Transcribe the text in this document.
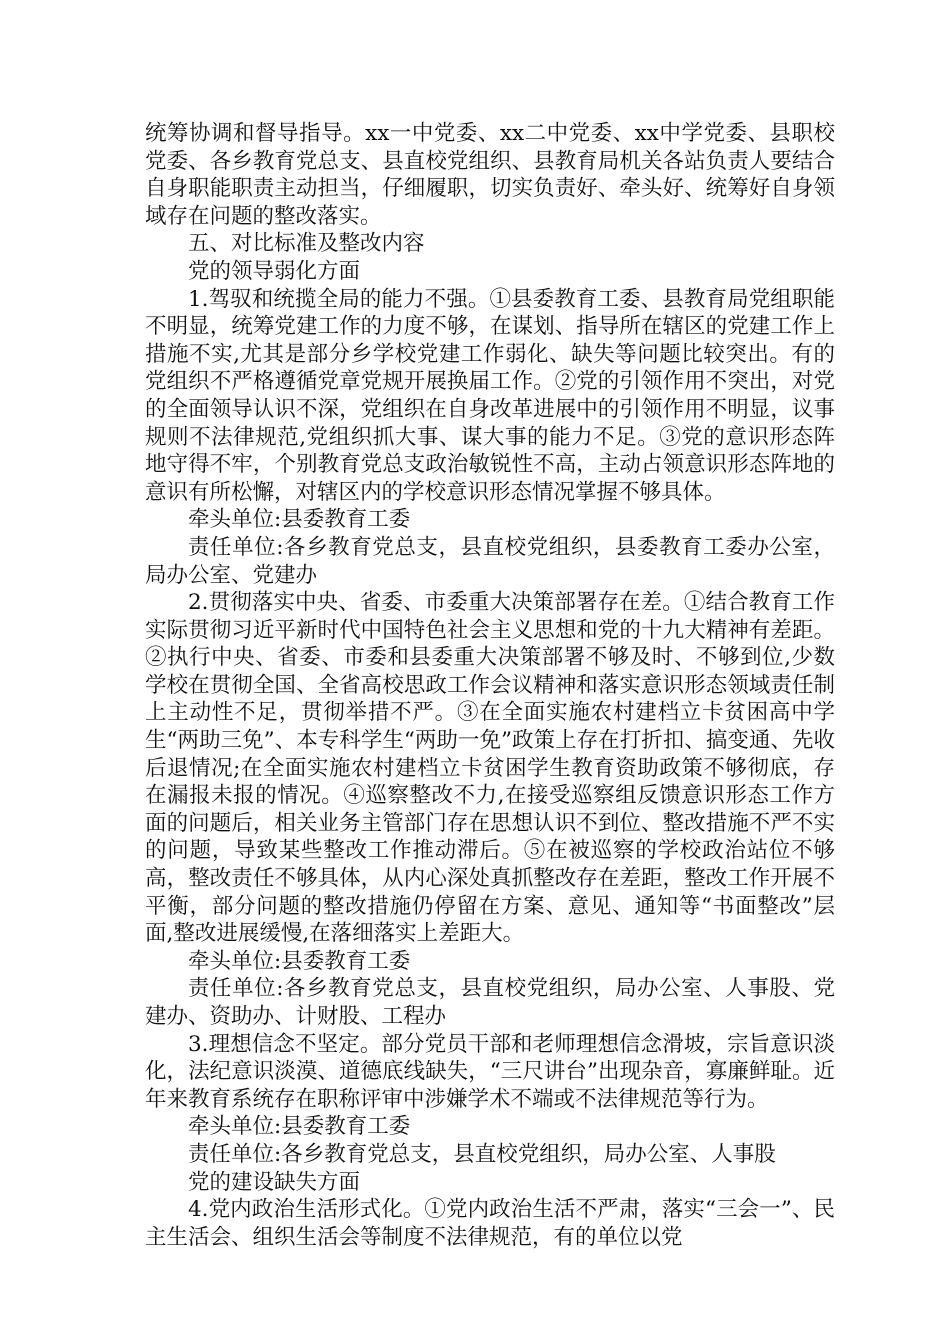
统筹协调和督导指导。xx一中党委、xx二中党委、xx中学党委、县职校党委、各乡教育党总支、县直校党组织、县教育局机关各站负责人要结合自身职能职责主动担当，仔细履职，切实负责好、牵头好、统筹好自身领域存在问题的整改落实。

五、对比标准及整改内容

党的领导弱化方面

1.驾驭和统揽全局的能力不强。①县委教育工委、县教育局党组职能不明显，统筹党建工作的力度不够，在谋划、指导所在辖区的党建工作上措施不实,尤其是部分乡学校党建工作弱化、缺失等问题比较突出。有的党组织不严格遵循党章党规开展换届工作。②党的引领作用不突出，对党的全面领导认识不深，党组织在自身改革进展中的引领作用不明显，议事规则不法律规范,党组织抓大事、谋大事的能力不足。③党的意识形态阵地守得不牢，个别教育党总支政治敏锐性不高，主动占领意识形态阵地的意识有所松懈，对辖区内的学校意识形态情况掌握不够具体。

牵头单位:县委教育工委

责任单位:各乡教育党总支，县直校党组织，县委教育工委办公室，局办公室、党建办

2.贯彻落实中央、省委、市委重大决策部署存在差。①结合教育工作实际贯彻习近平新时代中国特色社会主义思想和党的十九大精神有差距。②执行中央、省委、市委和县委重大决策部署不够及时、不够到位,少数学校在贯彻全国、全省高校思政工作会议精神和落实意识形态领域责任制上主动性不足，贯彻举措不严。③在全面实施农村建档立卡贫困高中学生“两助三免”、本专科学生“两助一免”政策上存在打折扣、搞变通、先收后退情况;在全面实施农村建档立卡贫困学生教育资助政策不够彻底，存在漏报未报的情况。④巡察整改不力,在接受巡察组反馈意识形态工作方面的问题后，相关业务主管部门存在思想认识不到位、整改措施不严不实的问题，导致某些整改工作推动滞后。⑤在被巡察的学校政治站位不够高，整改责任不够具体，从内心深处真抓整改存在差距，整改工作开展不平衡，部分问题的整改措施仍停留在方案、意见、通知等“书面整改”层面,整改进展缓慢,在落细落实上差距大。

牵头单位:县委教育工委

责任单位:各乡教育党总支，县直校党组织，局办公室、人事股、党建办、资助办、计财股、工程办

3.理想信念不坚定。部分党员干部和老师理想信念滑坡，宗旨意识淡化，法纪意识淡漠、道德底线缺失，“三尺讲台”出现杂音，寡廉鲜耻。近年来教育系统存在职称评审中涉嫌学术不端或不法律规范等行为。

牵头单位:县委教育工委

责任单位:各乡教育党总支，县直校党组织，局办公室、人事股

党的建设缺失方面

4.党内政治生活形式化。①党内政治生活不严肃，落实“三会一”、民主生活会、组织生活会等制度不法律规范，有的单位以党
